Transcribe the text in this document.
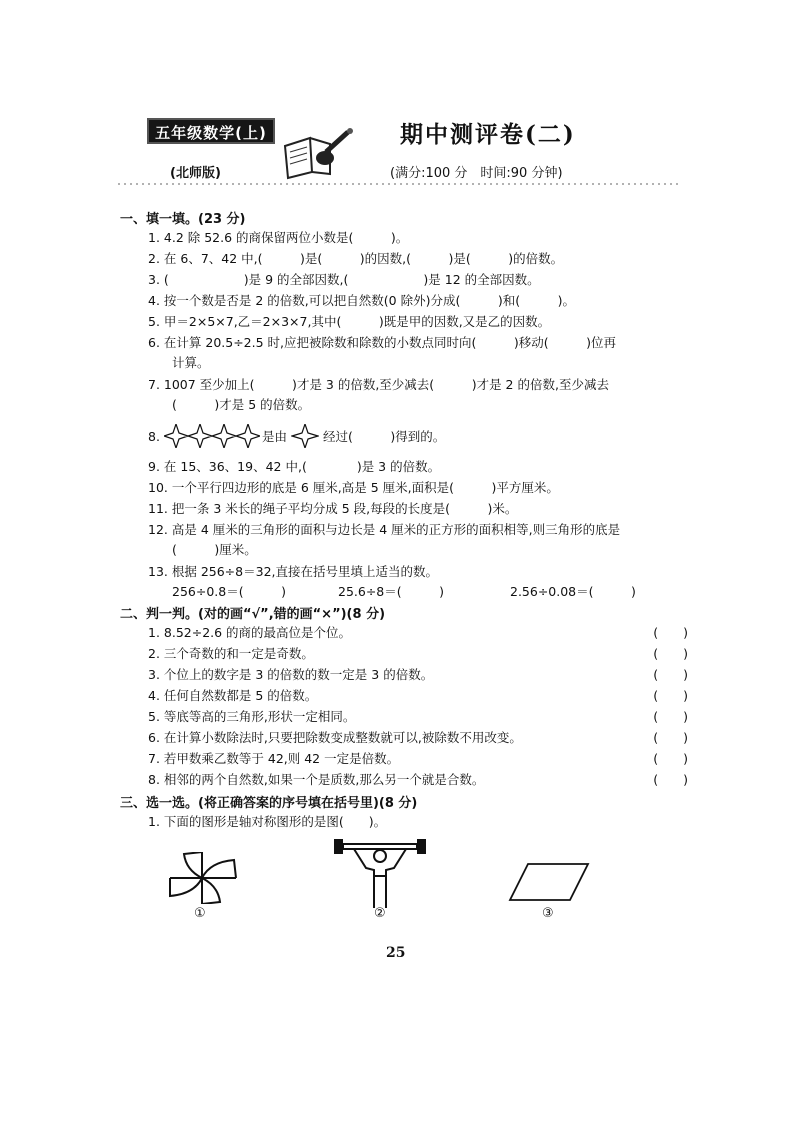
五年级数学(上)
(北师版)
期中测评卷(二)
(满分:100 分　时间:90 分钟)
一、填一填。(23 分)
1. 4.2 除 52.6 的商保留两位小数是(　　　)。
2. 在 6、7、42 中,(　　　)是(　　　)的因数,(　　　)是(　　　)的倍数。
3. (　　　　　　)是 9 的全部因数,(　　　　　　)是 12 的全部因数。
4. 按一个数是否是 2 的倍数,可以把自然数(0 除外)分成(　　　)和(　　　)。
5. 甲＝2×5×7,乙＝2×3×7,其中(　　　)既是甲的因数,又是乙的因数。
6. 在计算 20.5÷2.5 时,应把被除数和除数的小数点同时向(　　　)移动(　　　)位再
计算。
7. 1007 至少加上(　　　)才是 3 的倍数,至少减去(　　　)才是 2 的倍数,至少减去
(　　　)才是 5 的倍数。
8.	是由	经过(　　　)得到的。
9. 在 15、36、19、42 中,(　　　　)是 3 的倍数。
10. 一个平行四边形的底是 6 厘米,高是 5 厘米,面积是(　　　)平方厘米。
11. 把一条 3 米长的绳子平均分成 5 段,每段的长度是(　　　)米。
12. 高是 4 厘米的三角形的面积与边长是 4 厘米的正方形的面积相等,则三角形的底是
(　　　)厘米。
13. 根据 256÷8＝32,直接在括号里填上适当的数。
256÷0.8＝(　　　)	25.6÷8＝(　　　)	2.56÷0.08＝(　　　)
二、判一判。(对的画“√”,错的画“×”)(8 分)
1. 8.52÷2.6 的商的最高位是个位。	(　　)
2. 三个奇数的和一定是奇数。	(　　)
3. 个位上的数字是 3 的倍数的数一定是 3 的倍数。	(　　)
4. 任何自然数都是 5 的倍数。	(　　)
5. 等底等高的三角形,形状一定相同。	(　　)
6. 在计算小数除法时,只要把除数变成整数就可以,被除数不用改变。	(　　)
7. 若甲数乘乙数等于 42,则 42 一定是倍数。	(　　)
8. 相邻的两个自然数,如果一个是质数,那么另一个就是合数。	(　　)
三、选一选。(将正确答案的序号填在括号里)(8 分)
1. 下面的图形是轴对称图形的是图(　　)。
①	②	③
25
